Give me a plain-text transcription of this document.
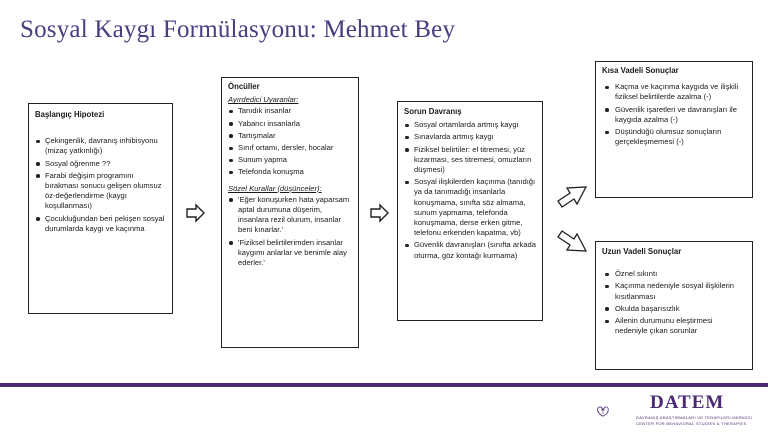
Sosyal Kaygı Formülasyonu: Mehmet Bey
Başlangıç Hipotezi
Çekingenlik, davranış inhibisyonu (mizaç yatkınlığı)
Sosyal öğrenme ??
Farabi değişim programını bırakması sonucu gelişen olumsuz öz-değerlendirme (kaygı koşullanması)
Çocukluğundan beri pekişen sosyal durumlarda kaygı ve kaçınma
Öncüller
Ayırdedici Uyaranlar:
Tanıdık insanlar
Yabancı insanlarla
Tartışmalar
Sınıf ortamı, dersler, hocalar
Sunum yapma
Telefonda konuşma
Sözel Kurallar (düşünceler):
'Eğer konuşurken hata yaparsam aptal durumuna düşerim, insanlara rezil olurum, insanlar beni kınarlar.'
'Fiziksel belirtilerimden insanlar kaygımı anlarlar ve benimle alay ederler.'
Sorun Davranış
Sosyal ortamlarda artmış kaygı
Sınavlarda artmış kaygı
Fiziksel belirtiler: el titremesi, yüz kızarması, ses titremesi, omuzların düşmesi)
Sosyal ilişkilerden kaçınma (tanıdığı ya da tanımadığı insanlarla konuşmama, sınıfta söz almama, sunum yapmama, telefonda konuşmama, derse erken gitme, telefonu erkenden kapatma, vb)
Güvenlik davranışları (sınıfta arkada oturma, göz kontağı kurmama)
Kısa Vadeli Sonuçlar
Kaçma ve kaçınma kaygıda ve ilişkili fiziksel belirtilerde azalma (-)
Güvenlik işaretleri ve davranışları ile kaygıda azalma (-)
Düşündüğü olumsuz sonuçların gerçekleşmemesi (-)
Uzun Vadeli Sonuçlar
Öznel sıkıntı
Kaçınma nedeniyle sosyal ilişkilerin kısıtlanması
Okulda başarısızlık
Ailenin durumunu eleştirmesi nedeniyle çıkan sorunlar
DATEM
DAVRANIŞ ARAŞTIRMALARI VE TERAPİLERİ MERKEZİ
CENTER FOR BEHAVIORAL STUDIES & THERAPIES
